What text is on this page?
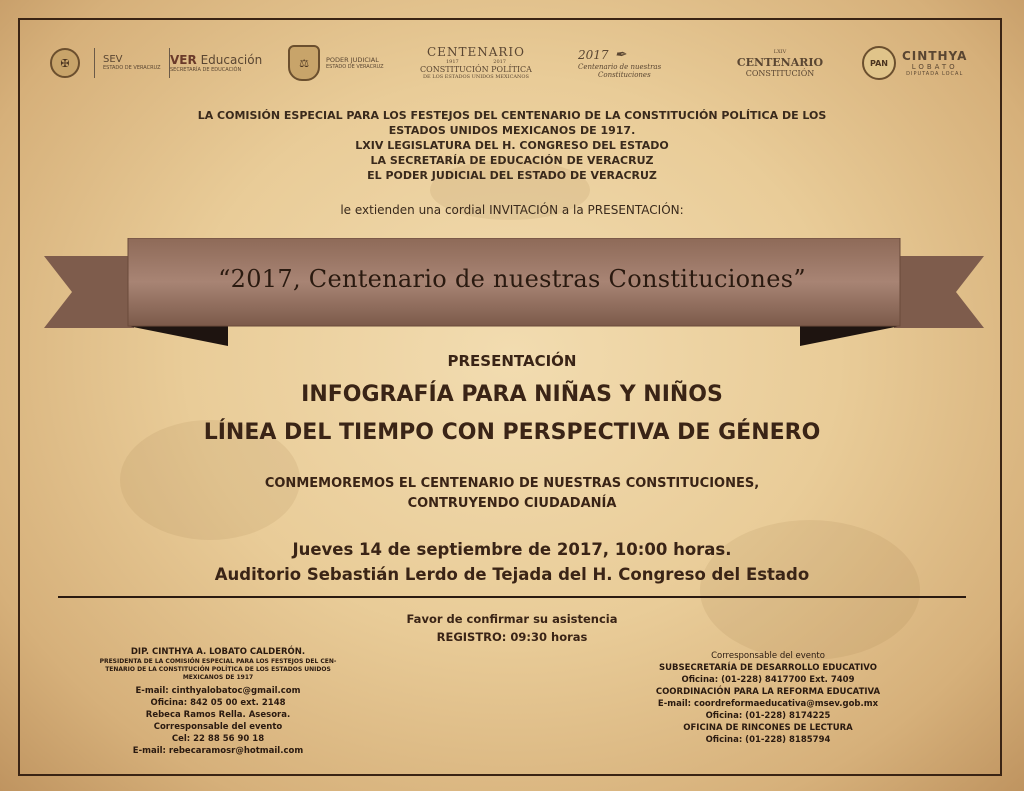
✠	SEV
ESTADO DE VERACRUZ
VER Educación
SECRETARÍA DE EDUCACIÓN	⚖	PODER JUDICIAL
ESTADO DE VERACRUZ
CENTENARIO
1917	2017
CONSTITUCIÓN POLÍTICA
DE LOS ESTADOS UNIDOS MEXICANOS
2017 ✒
Centenario de nuestras
Constituciones
LXIV
CENTENARIO
CONSTITUCIÓN
PAN
CINTHYA
LOBATO
DIPUTADA LOCAL
LA COMISIÓN ESPECIAL PARA LOS FESTEJOS DEL CENTENARIO DE LA CONSTITUCIÓN POLÍTICA DE LOS
ESTADOS UNIDOS MEXICANOS DE 1917.
LXIV LEGISLATURA DEL H. CONGRESO DEL ESTADO
LA SECRETARÍA DE EDUCACIÓN DE VERACRUZ
EL PODER JUDICIAL DEL ESTADO DE VERACRUZ
le extienden una cordial INVITACIÓN a la PRESENTACIÓN:
“2017, Centenario de nuestras Constituciones”
PRESENTACIÓN
INFOGRAFÍA PARA NIÑAS Y NIÑOS
LÍNEA DEL TIEMPO CON PERSPECTIVA DE GÉNERO
CONMEMOREMOS EL CENTENARIO DE NUESTRAS CONSTITUCIONES,
CONTRUYENDO CIUDADANÍA
Jueves 14 de septiembre de 2017, 10:00 horas.
Auditorio Sebastián Lerdo de Tejada del H. Congreso del Estado
Favor de confirmar su asistencia
REGISTRO: 09:30 horas
DIP. CINTHYA A. LOBATO CALDERÓN.
PRESIDENTA DE LA COMISIÓN ESPECIAL PARA LOS FESTEJOS DEL CEN-
TENARIO DE LA CONSTITUCIÓN POLÍTICA DE LOS ESTADOS UNIDOS
MEXICANOS DE 1917
E-mail: cinthyalobatoc@gmail.com
Oficina: 842 05 00 ext. 2148
Rebeca Ramos Rella. Asesora.
Corresponsable del evento
Cel: 22 88 56 90 18
E-mail: rebecaramosr@hotmail.com
Corresponsable del evento
SUBSECRETARÍA DE DESARROLLO EDUCATIVO
Oficina: (01-228) 8417700 Ext. 7409
COORDINACIÓN PARA LA REFORMA EDUCATIVA
E-mail: coordreformaeducativa@msev.gob.mx
Oficina: (01-228) 8174225
OFICINA DE RINCONES DE LECTURA
Oficina: (01-228) 8185794
